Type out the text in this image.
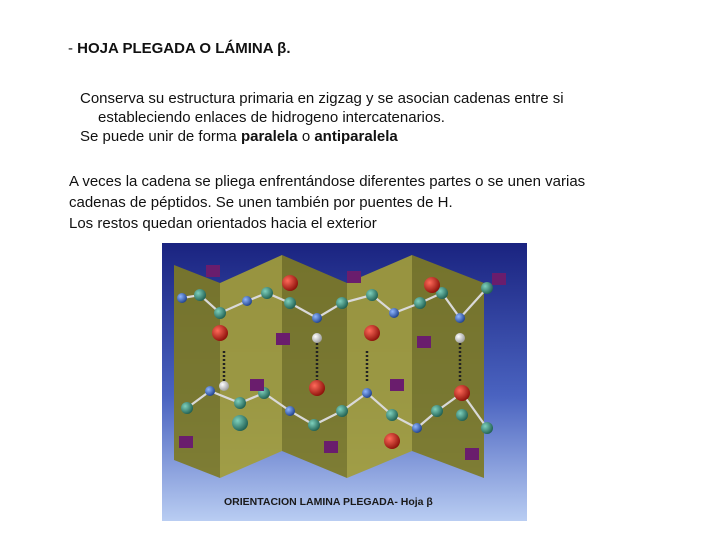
- HOJA PLEGADA O LÁMINA β.
Conserva su estructura primaria en zigzag y se asocian cadenas entre si
estableciendo enlaces de hidrogeno intercatenarios.
Se puede unir de forma paralela o antiparalela
A veces la cadena se pliega enfrentándose diferentes partes o se unen varias
cadenas de péptidos. Se unen también por puentes de H.
Los restos quedan orientados hacia el exterior
ORIENTACION LAMINA PLEGADA- Hoja β
